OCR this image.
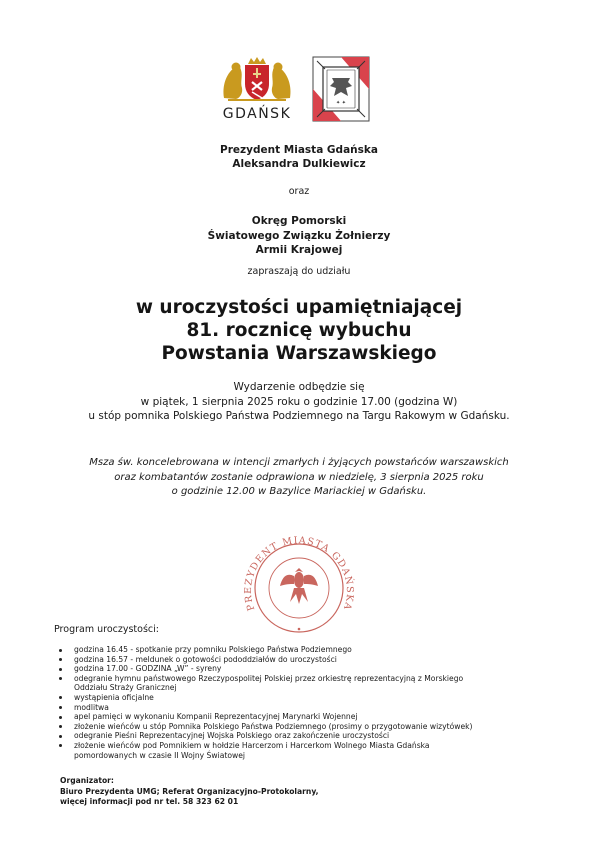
GDAŃSK
✦ ✦
Prezydent Miasta Gdańska
Aleksandra Dulkiewicz
oraz
Okręg Pomorski
Światowego Związku Żołnierzy
Armii Krajowej
zapraszają do udziału
w uroczystości upamiętniającej
81. rocznicę wybuchu
Powstania Warszawskiego
Wydarzenie odbędzie się
w piątek, 1 sierpnia 2025 roku o godzinie 17.00 (godzina W)
u stóp pomnika Polskiego Państwa Podziemnego na Targu Rakowym w Gdańsku.
Msza św. koncelebrowana w intencji zmarłych i żyjących powstańców warszawskich
oraz kombatantów zostanie odprawiona w niedzielę, 3 sierpnia 2025 roku
o godzinie 12.00 w Bazylice Mariackiej w Gdańsku.
PREZYDENT MIASTA GDAŃSKA
Program uroczystości:
godzina 16.45 - spotkanie przy pomniku Polskiego Państwa Podziemnego
godzina 16.57 - meldunek o gotowości pododdziałów do uroczystości
godzina 17.00 - GODZINA „W” - syreny
odegranie hymnu państwowego Rzeczypospolitej Polskiej przez orkiestrę reprezentacyjną z Morskiego
Oddziału Straży Granicznej
wystąpienia oficjalne
modlitwa
apel pamięci w wykonaniu Kompanii Reprezentacyjnej Marynarki Wojennej
złożenie wieńców u stóp Pomnika Polskiego Państwa Podziemnego (prosimy o przygotowanie wizytówek)
odegranie Pieśni Reprezentacyjnej Wojska Polskiego oraz zakończenie uroczystości
złożenie wieńców pod Pomnikiem w hołdzie Harcerzom i Harcerkom Wolnego Miasta Gdańska
pomordowanych w czasie II Wojny Światowej
Organizator:
Biuro Prezydenta UMG; Referat Organizacyjno-Protokolarny,
więcej informacji pod nr tel. 58 323 62 01
